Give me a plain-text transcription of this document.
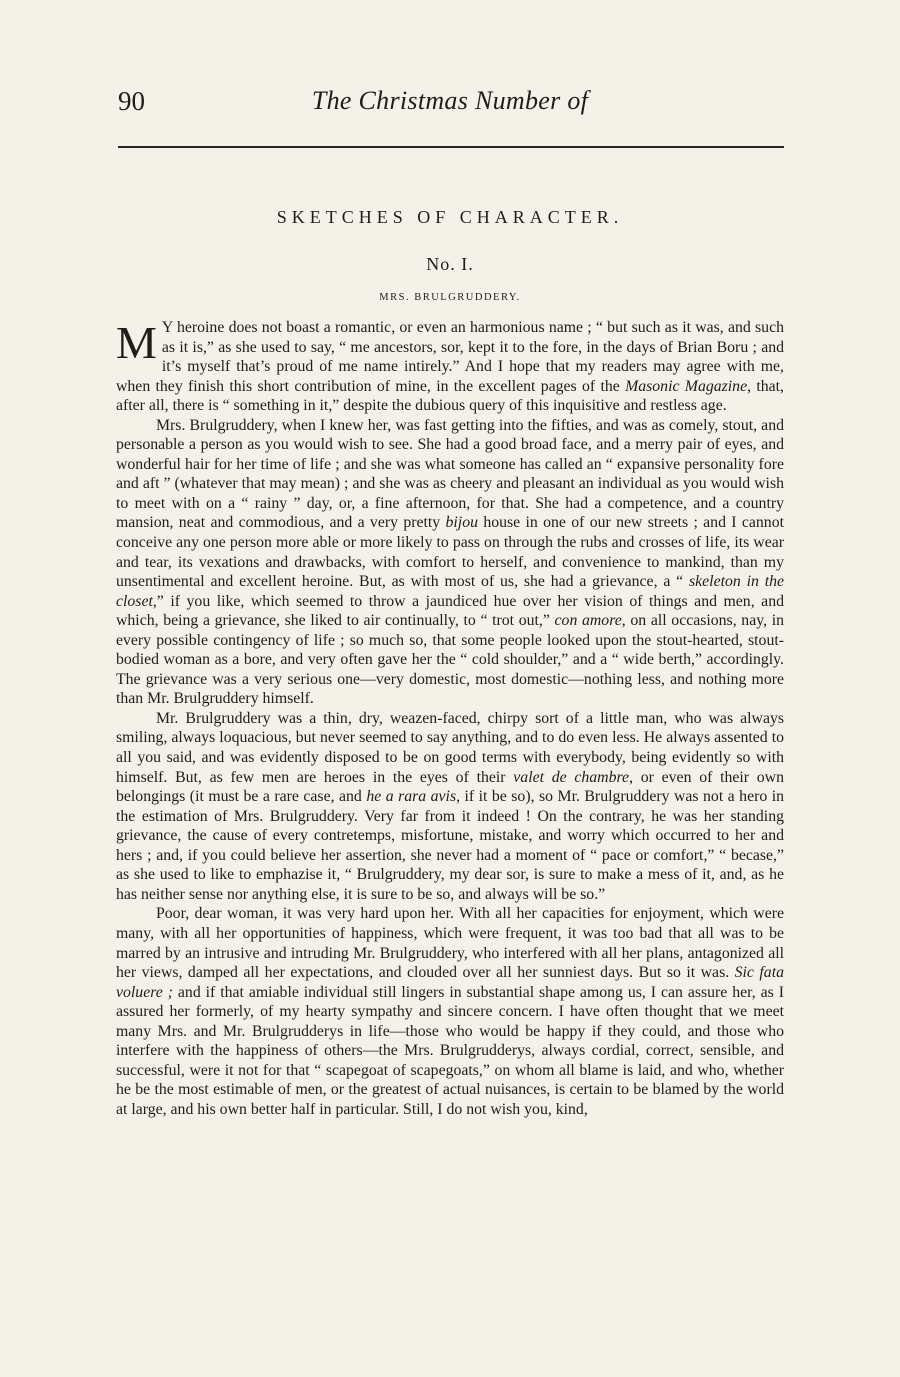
90	The Christmas Number of
SKETCHES OF CHARACTER.
No. I.
MRS. BRULGRUDDERY.

M Y heroine does not boast a romantic, or even an harmonious name ; “ but such as it was, and such as it is,” as she used to say, “ me ancestors, sor, kept it to the fore, in the days of Brian Boru ; and it’s myself that’s proud of me name intirely.” And I hope that my readers may agree with me, when they finish this short contribution of mine, in the excellent pages of the Masonic Magazine, that, after all, there is “ something in it,” despite the dubious query of this inquisitive and restless age.

Mrs. Brulgruddery, when I knew her, was fast getting into the fifties, and was as comely, stout, and personable a person as you would wish to see. She had a good broad face, and a merry pair of eyes, and wonderful hair for her time of life ; and she was what someone has called an “ expansive personality fore and aft ” (whatever that may mean) ; and she was as cheery and pleasant an individual as you would wish to meet with on a “ rainy ” day, or, a fine afternoon, for that. She had a competence, and a country mansion, neat and commodious, and a very pretty bijou house in one of our new streets ; and I cannot conceive any one person more able or more likely to pass on through the rubs and crosses of life, its wear and tear, its vexations and drawbacks, with comfort to herself, and convenience to mankind, than my unsentimental and excellent heroine. But, as with most of us, she had a grievance, a “ skeleton in the closet,” if you like, which seemed to throw a jaundiced hue over her vision of things and men, and which, being a grievance, she liked to air continually, to “ trot out,” con amore, on all occasions, nay, in every possible contingency of life ; so much so, that some people looked upon the stout-hearted, stout-bodied woman as a bore, and very often gave her the “ cold shoulder,” and a “ wide berth,” accordingly. The grievance was a very serious one—very domestic, most domestic—nothing less, and nothing more than Mr. Brulgruddery himself.

Mr. Brulgruddery was a thin, dry, weazen-faced, chirpy sort of a little man, who was always smiling, always loquacious, but never seemed to say anything, and to do even less. He always assented to all you said, and was evidently disposed to be on good terms with everybody, being evidently so with himself. But, as few men are heroes in the eyes of their valet de chambre, or even of their own belongings (it must be a rare case, and he a rara avis, if it be so), so Mr. Brulgruddery was not a hero in the estimation of Mrs. Brulgruddery. Very far from it indeed ! On the contrary, he was her standing grievance, the cause of every contretemps, misfortune, mistake, and worry which occurred to her and hers ; and, if you could believe her assertion, she never had a moment of “ pace or comfort,” “ becase,” as she used to like to emphazise it, “ Brulgruddery, my dear sor, is sure to make a mess of it, and, as he has neither sense nor anything else, it is sure to be so, and always will be so.”

Poor, dear woman, it was very hard upon her. With all her capacities for enjoyment, which were many, with all her opportunities of happiness, which were frequent, it was too bad that all was to be marred by an intrusive and intruding Mr. Brulgruddery, who interfered with all her plans, antagonized all her views, damped all her expectations, and clouded over all her sunniest days. But so it was. Sic fata voluere ; and if that amiable individual still lingers in substantial shape among us, I can assure her, as I assured her formerly, of my hearty sympathy and sincere concern. I have often thought that we meet many Mrs. and Mr. Brulgrudderys in life—those who would be happy if they could, and those who interfere with the happiness of others—the Mrs. Brulgrudderys, always cordial, correct, sensible, and successful, were it not for that “ scapegoat of scapegoats,” on whom all blame is laid, and who, whether he be the most estimable of men, or the greatest of actual nuisances, is certain to be blamed by the world at large, and his own better half in particular. Still, I do not wish you, kind,
